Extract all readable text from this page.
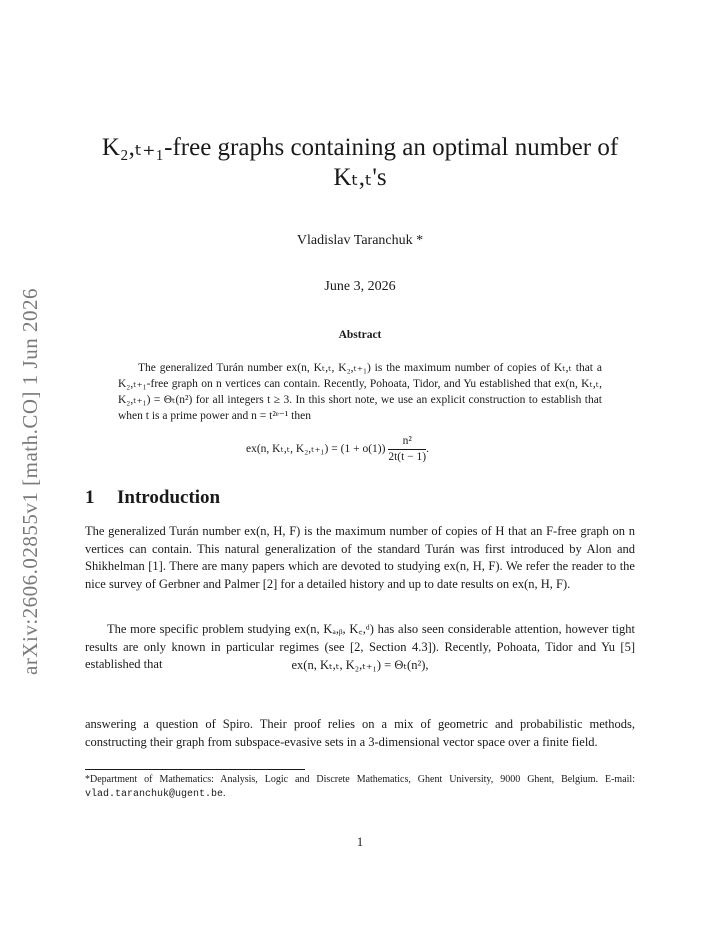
arXiv:2606.02855v1 [math.CO] 1 Jun 2026
K₂,ₜ₊₁-free graphs containing an optimal number of
Kₜ,ₜ's
Vladislav Taranchuk *
June 3, 2026
Abstract

The generalized Turán number ex(n, Kₜ,ₜ, K₂,ₜ₊₁) is the maximum number of copies of Kₜ,ₜ that a K₂,ₜ₊₁-free graph on n vertices can contain. Recently, Pohoata, Tidor, and Yu established that ex(n, Kₜ,ₜ, K₂,ₜ₊₁) = Θₜ(n²) for all integers t ≥ 3. In this short note, we use an explicit construction to establish that when t is a prime power and n = t²ᵉ⁻¹ then

ex(n, Kₜ,ₜ, $K_2,_{t+1}) = (1 + o(1)) \frac{\text{n²}}{2t(t - 1)}$ .
1 Introduction

The generalized Turán number ex(n, H, F) is the maximum number of copies of H that an F-free graph on n vertices can contain. This natural generalization of the standard Turán was first introduced by Alon and Shikhelman [1]. There are many papers which are devoted to studying ex(n, H, F). We refer the reader to the nice survey of Gerbner and Palmer [2] for a detailed history and up to date results on ex(n, H, F).

The more specific problem studying ex(n, Kₐ,ᵦ, K꜀,ᵈ) has also seen considerable attention, however tight results are only known in particular regimes (see [2, Section 4.3]). Recently, Pohoata, Tidor and Yu [5] established that	ex(n, Kₜ,ₜ, K₂,ₜ₊₁) = Θₜ(n²),

answering a question of Spiro. Their proof relies on a mix of geometric and probabilistic methods, constructing their graph from subspace-evasive sets in a 3-dimensional vector space over a finite field.

*Department of Mathematics: Analysis, Logic and Discrete Mathematics, Ghent University, 9000 Ghent, Belgium. E-mail: vlad.taranchuk@ugent.be.
1
